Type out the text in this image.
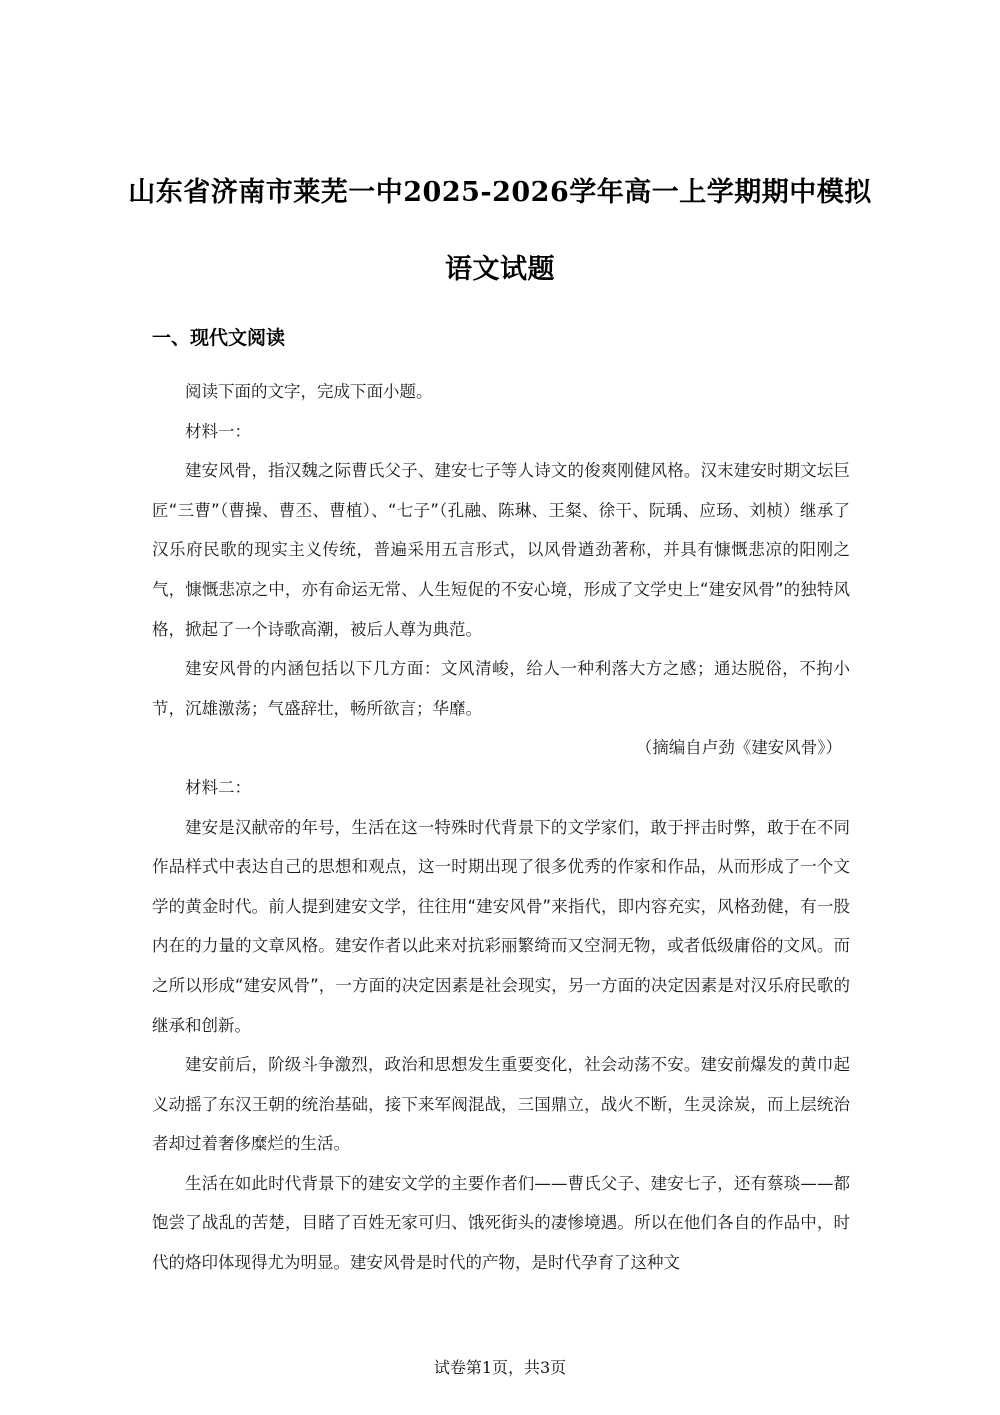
山东省济南市莱芜一中2025-2026学年高一上学期期中模拟
语文试题
一、现代文阅读

阅读下面的文字，完成下面小题。

材料一：

建安风骨，指汉魏之际曹氏父子、建安七子等人诗文的俊爽刚健风格。汉末建安时期文坛巨匠“三曹”（曹操、曹丕、曹植）、“七子”（孔融、陈琳、王粲、徐干、阮瑀、应玚、刘桢）继承了汉乐府民歌的现实主义传统，普遍采用五言形式，以风骨遒劲著称，并具有慷慨悲凉的阳刚之气，慷慨悲凉之中，亦有命运无常、人生短促的不安心境，形成了文学史上“建安风骨”的独特风格，掀起了一个诗歌高潮，被后人尊为典范。

建安风骨的内涵包括以下几方面：文风清峻，给人一种利落大方之感；通达脱俗，不拘小节，沉雄激荡；气盛辞壮，畅所欲言；华靡。

（摘编自卢劲《建安风骨》）

材料二：

建安是汉献帝的年号，生活在这一特殊时代背景下的文学家们，敢于抨击时弊，敢于在不同作品样式中表达自己的思想和观点，这一时期出现了很多优秀的作家和作品，从而形成了一个文学的黄金时代。前人提到建安文学，往往用“建安风骨”来指代，即内容充实，风格劲健，有一股内在的力量的文章风格。建安作者以此来对抗彩丽繁绮而又空洞无物，或者低级庸俗的文风。而之所以形成“建安风骨”，一方面的决定因素是社会现实，另一方面的决定因素是对汉乐府民歌的继承和创新。

建安前后，阶级斗争激烈，政治和思想发生重要变化，社会动荡不安。建安前爆发的黄巾起义动摇了东汉王朝的统治基础，接下来军阀混战，三国鼎立，战火不断，生灵涂炭，而上层统治者却过着奢侈糜烂的生活。

生活在如此时代背景下的建安文学的主要作者们——曹氏父子、建安七子，还有蔡琰——都饱尝了战乱的苦楚，目睹了百姓无家可归、饿死街头的凄惨境遇。所以在他们各自的作品中，时代的烙印体现得尤为明显。建安风骨是时代的产物，是时代孕育了这种文

试卷第1页，共3页
